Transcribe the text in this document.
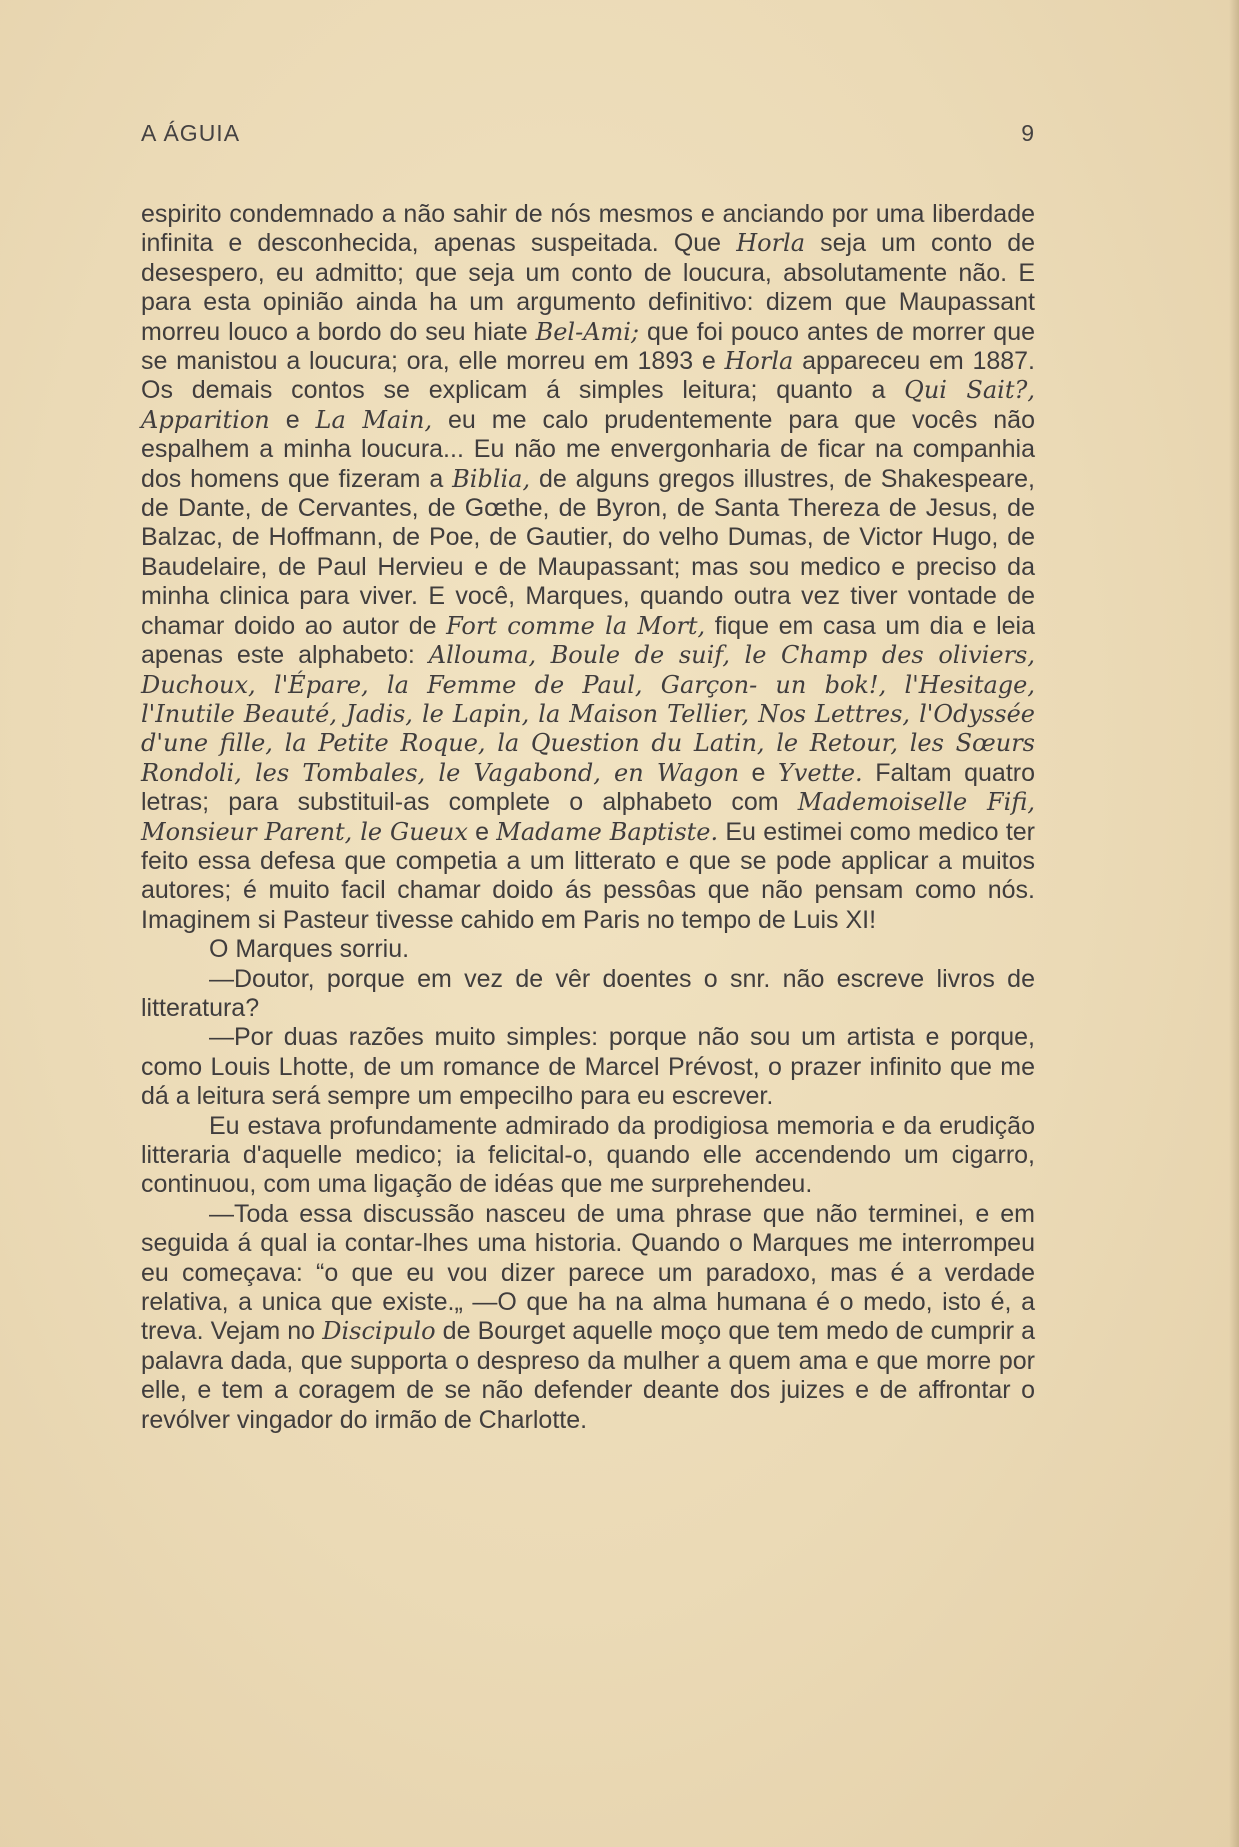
A ÁGUIA	9

espirito condemnado a não sahir de nós mesmos e anciando por uma liberdade infinita e desconhecida, apenas suspeitada. Que Horla seja um conto de desespero, eu admitto; que seja um conto de loucura, absolutamente não. E para esta opinião ainda ha um argumento definitivo: dizem que Maupassant morreu louco a bordo do seu hiate Bel-Ami; que foi pouco antes de morrer que se manistou a loucura; ora, elle morreu em 1893 e Horla appareceu em 1887. Os demais contos se explicam á simples leitura; quanto a Qui Sait?, Apparition e La Main, eu me calo prudentemente para que vocês não espalhem a minha loucura... Eu não me envergonharia de ficar na companhia dos homens que fizeram a Biblia, de alguns gregos illustres, de Shakespeare, de Dante, de Cervantes, de Gœthe, de Byron, de Santa Thereza de Jesus, de Balzac, de Hoffmann, de Poe, de Gautier, do velho Dumas, de Victor Hugo, de Baudelaire, de Paul Hervieu e de Maupassant; mas sou medico e preciso da minha clinica para viver. E você, Marques, quando outra vez tiver vontade de chamar doido ao autor de Fort comme la Mort, fique em casa um dia e leia apenas este alphabeto: Allouma, Boule de suif, le Champ des oliviers, Duchoux, l'Épare, la Femme de Paul, Garçon- un bok!, l'Hesitage, l'Inutile Beauté, Jadis, le Lapin, la Maison Tellier, Nos Lettres, l'Odyssée d'une fille, la Petite Roque, la Question du Latin, le Retour, les Sœurs Rondoli, les Tombales, le Vagabond, en Wagon e Yvette. Faltam quatro letras; para substituil-as complete o alphabeto com Mademoiselle Fifi, Monsieur Parent, le Gueux e Madame Baptiste. Eu estimei como medico ter feito essa defesa que competia a um litterato e que se pode applicar a muitos autores; é muito facil chamar doido ás pessôas que não pensam como nós. Imaginem si Pasteur tivesse cahido em Paris no tempo de Luis XI!

O Marques sorriu.

—Doutor, porque em vez de vêr doentes o snr. não escreve livros de litteratura?

—Por duas razões muito simples: porque não sou um artista e porque, como Louis Lhotte, de um romance de Marcel Prévost, o prazer infinito que me dá a leitura será sempre um empecilho para eu escrever.

Eu estava profundamente admirado da prodigiosa memoria e da erudição litteraria d'aquelle medico; ia felicital-o, quando elle accendendo um cigarro, continuou, com uma ligação de idéas que me surprehendeu.

—Toda essa discussão nasceu de uma phrase que não terminei, e em seguida á qual ia contar-lhes uma historia. Quando o Marques me interrompeu eu começava: “o que eu vou dizer parece um paradoxo, mas é a verdade relativa, a unica que existe.„ —O que ha na alma humana é o medo, isto é, a treva. Vejam no Discipulo de Bourget aquelle moço que tem medo de cumprir a palavra dada, que supporta o despreso da mulher a quem ama e que morre por elle, e tem a coragem de se não defender deante dos juizes e de affrontar o revólver vingador do irmão de Charlotte.
